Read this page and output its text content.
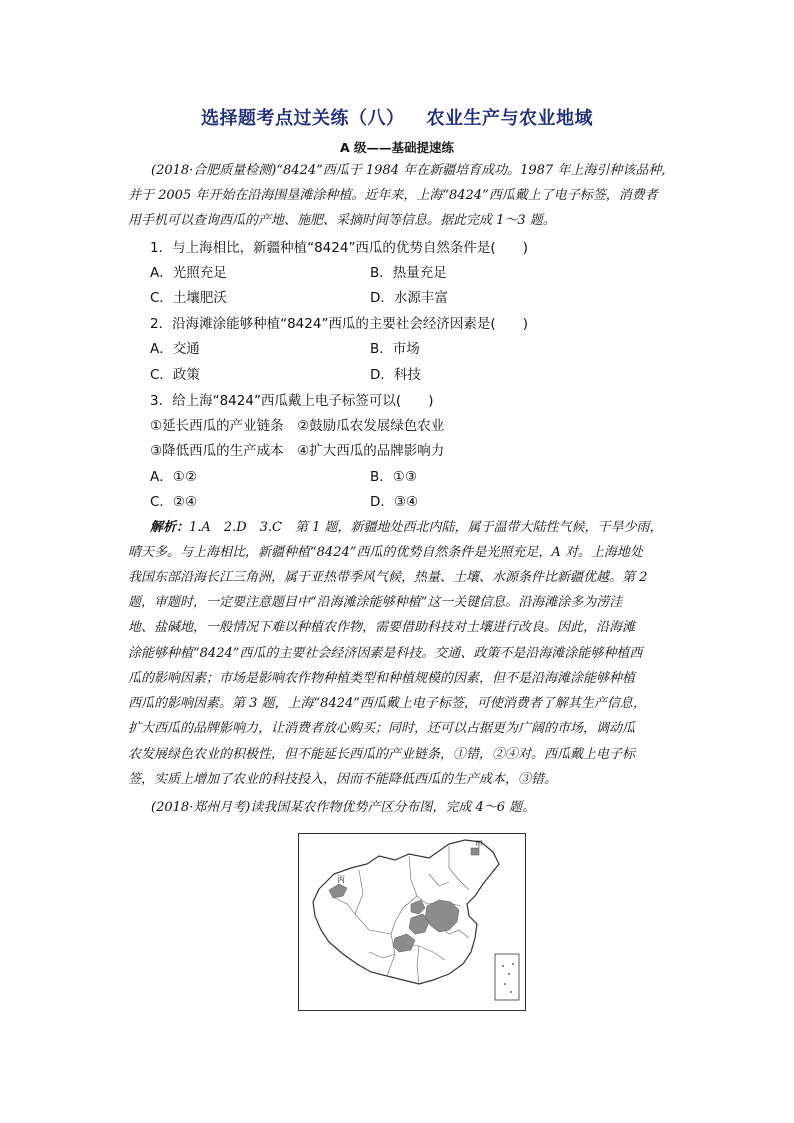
选择题考点过关练（八） 农业生产与农业地域
A 级——基础提速练
(2018·合肥质量检测)“8424”西瓜于 1984 年在新疆培育成功。1987 年上海引种该品种,
并于 2005 年开始在沿海围垦滩涂种植。近年来，上海“8424”西瓜戴上了电子标签，消费者
用手机可以查询西瓜的产地、施肥、采摘时间等信息。据此完成 1～3 题。
1．与上海相比，新疆种植“8424”西瓜的优势自然条件是(　　)
A．光照充足	B．热量充足
C．土壤肥沃	D．水源丰富
2．沿海滩涂能够种植“8424”西瓜的主要社会经济因素是(　　)
A．交通	B．市场
C．政策	D．科技
3．给上海“8424”西瓜戴上电子标签可以(　　)
①延长西瓜的产业链条　②鼓励瓜农发展绿色农业
③降低西瓜的生产成本　④扩大西瓜的品牌影响力
A．①②	B．①③
C．②④	D．③④
解析：1.A　2.D　3.C　第 1 题，新疆地处西北内陆，属于温带大陆性气候，干旱少雨，
晴天多。与上海相比，新疆种植“8424”西瓜的优势自然条件是光照充足，A 对。上海地处
我国东部沿海长江三角洲，属于亚热带季风气候，热量、土壤、水源条件比新疆优越。第 2
题，审题时，一定要注意题目中“沿海滩涂能够种植”这一关键信息。沿海滩涂多为涝洼
地、盐碱地，一般情况下难以种植农作物，需要借助科技对土壤进行改良。因此，沿海滩
涂能够种植“8424”西瓜的主要社会经济因素是科技。交通、政策不是沿海滩涂能够种植西
瓜的影响因素；市场是影响农作物种植类型和种植规模的因素，但不是沿海滩涂能够种植
西瓜的影响因素。第 3 题，上海“8424”西瓜戴上电子标签，可使消费者了解其生产信息，
扩大西瓜的品牌影响力，让消费者放心购买；同时，还可以占据更为广阔的市场，调动瓜
农发展绿色农业的积极性，但不能延长西瓜的产业链条，①错，②④对。西瓜戴上电子标
签，实质上增加了农业的科技投入，因而不能降低西瓜的生产成本，③错。
(2018·郑州月考)读我国某农作物优势产区分布图，完成 4～6 题。
甲
丙
